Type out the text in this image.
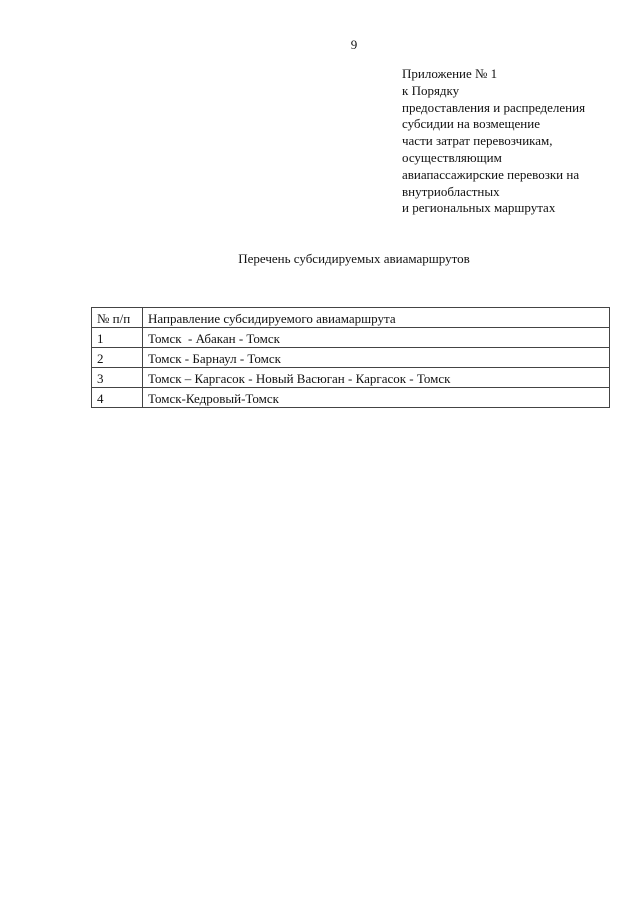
9
Приложение № 1
к Порядку
предоставления и распределения
субсидии на возмещение
части затрат перевозчикам,
осуществляющим
авиапассажирские перевозки на
внутриобластных
и региональных маршрутах
Перечень субсидируемых авиамаршрутов
№ п/п	Направление субсидируемого авиамаршрута
1	Томск  - Абакан - Томск
2	Томск - Барнаул - Томск
3	Томск – Каргасок - Новый Васюган - Каргасок - Томск
4	Томск-Кедровый-Томск
